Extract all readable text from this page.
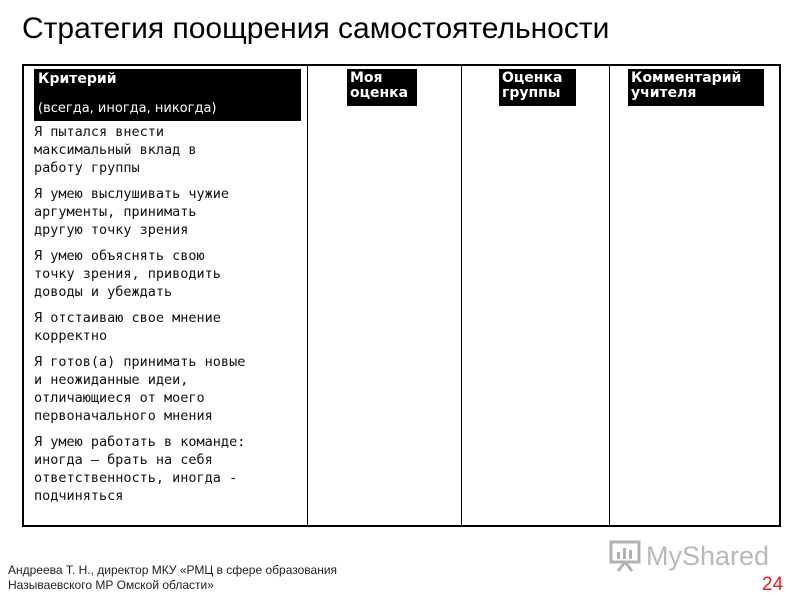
Стратегия поощрения самостоятельности
Критерий
(всегда, иногда, никогда)
Моя
оценка
Оценка
группы
Комментарий
учителя
Я пытался внести
максимальный вклад в
работу группы
Я умею выслушивать чужие
аргументы, принимать
другую точку зрения
Я умею объяснять свою
точку зрения, приводить
доводы и убеждать
Я отстаиваю свое мнение
корректно
Я готов(а) принимать новые
и неожиданные идеи,
отличающиеся от моего
первоначального мнения
Я умею работать в команде:
иногда – брать на себя
ответственность, иногда -
подчиняться
Андреева Т. Н., директор МКУ «РМЦ в сфере образования
Называевского МР Омской области»
MyShared
24
